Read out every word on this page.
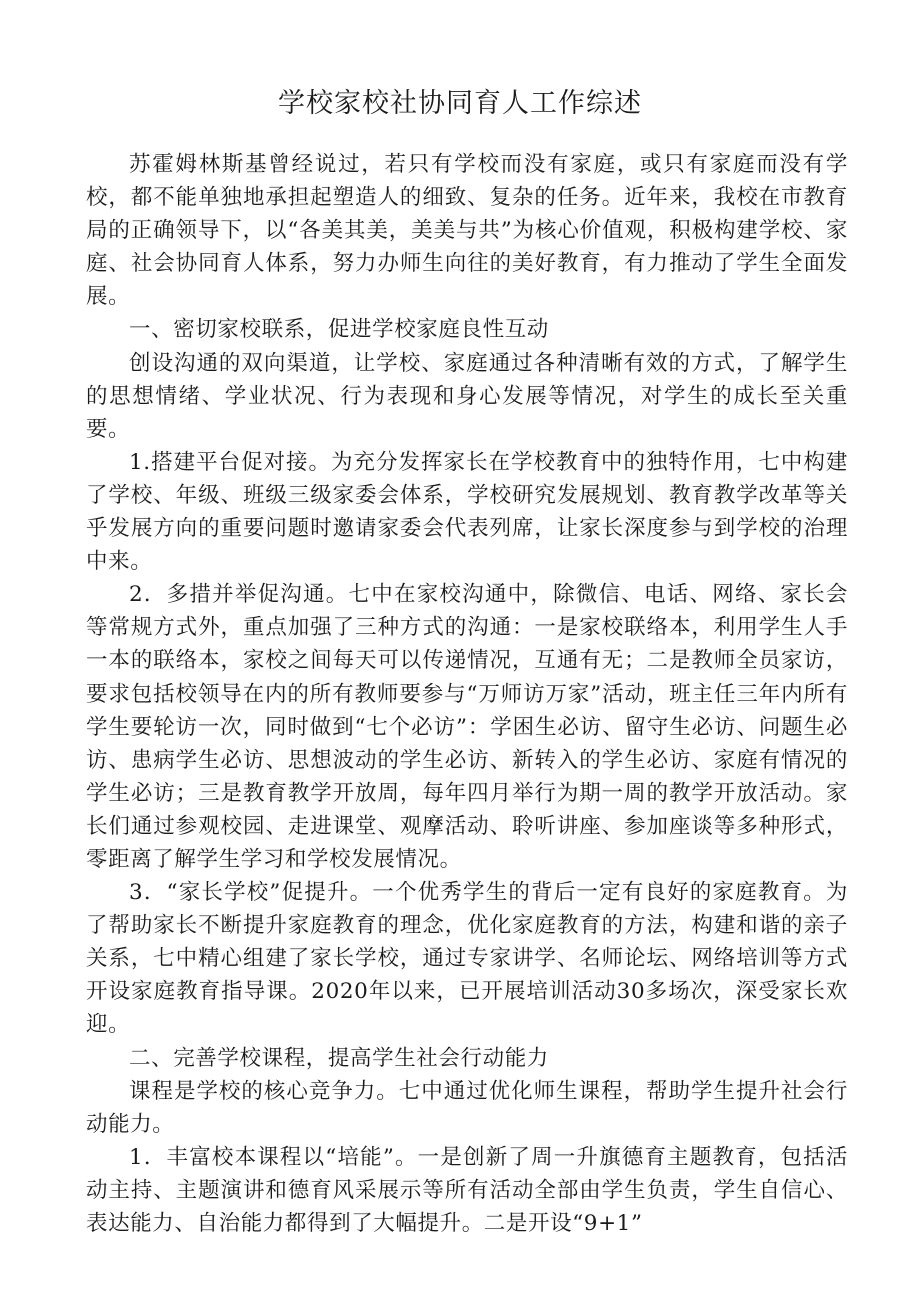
学校家校社协同育人工作综述

苏霍姆林斯基曾经说过，若只有学校而没有家庭，或只有家庭而没有学校，都不能单独地承担起塑造人的细致、复杂的任务。近年来，我校在市教育局的正确领导下，以“各美其美，美美与共”为核心价值观，积极构建学校、家庭、社会协同育人体系，努力办师生向往的美好教育，有力推动了学生全面发展。

一、密切家校联系，促进学校家庭良性互动

创设沟通的双向渠道，让学校、家庭通过各种清晰有效的方式，了解学生的思想情绪、学业状况、行为表现和身心发展等情况，对学生的成长至关重要。

1.搭建平台促对接。为充分发挥家长在学校教育中的独特作用，七中构建了学校、年级、班级三级家委会体系，学校研究发展规划、教育教学改革等关乎发展方向的重要问题时邀请家委会代表列席，让家长深度参与到学校的治理中来。

2．多措并举促沟通。七中在家校沟通中，除微信、电话、网络、家长会等常规方式外，重点加强了三种方式的沟通：一是家校联络本，利用学生人手一本的联络本，家校之间每天可以传递情况，互通有无；二是教师全员家访，要求包括校领导在内的所有教师要参与“万师访万家”活动，班主任三年内所有学生要轮访一次，同时做到“七个必访”：学困生必访、留守生必访、问题生必访、患病学生必访、思想波动的学生必访、新转入的学生必访、家庭有情况的学生必访；三是教育教学开放周，每年四月举行为期一周的教学开放活动。家长们通过参观校园、走进课堂、观摩活动、聆听讲座、参加座谈等多种形式，零距离了解学生学习和学校发展情况。

3．“家长学校”促提升。一个优秀学生的背后一定有良好的家庭教育。为了帮助家长不断提升家庭教育的理念，优化家庭教育的方法，构建和谐的亲子关系，七中精心组建了家长学校，通过专家讲学、名师论坛、网络培训等方式开设家庭教育指导课。2020年以来，已开展培训活动30多场次，深受家长欢迎。

二、完善学校课程，提高学生社会行动能力

课程是学校的核心竞争力。七中通过优化师生课程，帮助学生提升社会行动能力。

1．丰富校本课程以“培能”。一是创新了周一升旗德育主题教育，包括活动主持、主题演讲和德育风采展示等所有活动全部由学生负责，学生自信心、表达能力、自治能力都得到了大幅提升。二是开设“9+1”
